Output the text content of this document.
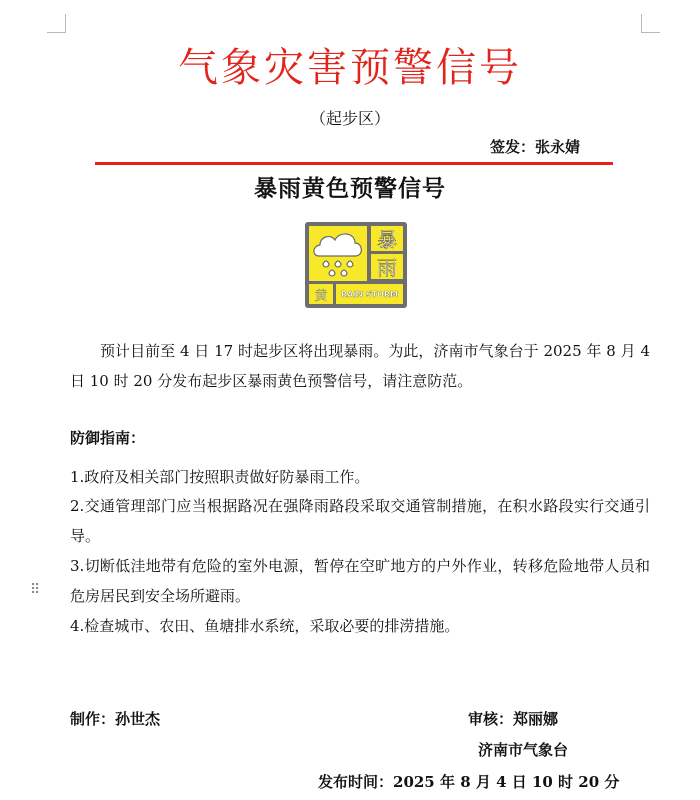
⠿
气象灾害预警信号
（起步区）
签发：张永婧
暴雨黄色预警信号
暴
雨
黄	RAIN STORM
预计目前至 4 日 17 时起步区将出现暴雨。为此，济南市气象台于 2025 年 8 月 4 日 10 时 20 分发布起步区暴雨黄色预警信号，请注意防范。
防御指南：
1.政府及相关部门按照职责做好防暴雨工作。
2.交通管理部门应当根据路况在强降雨路段采取交通管制措施，在积水路段实行交通引导。
3.切断低洼地带有危险的室外电源，暂停在空旷地方的户外作业，转移危险地带人员和危房居民到安全场所避雨。
4.检查城市、农田、鱼塘排水系统，采取必要的排涝措施。
制作：孙世杰	审核：郑丽娜
济南市气象台
发布时间：2025 年 8 月 4 日 10 时 20 分
